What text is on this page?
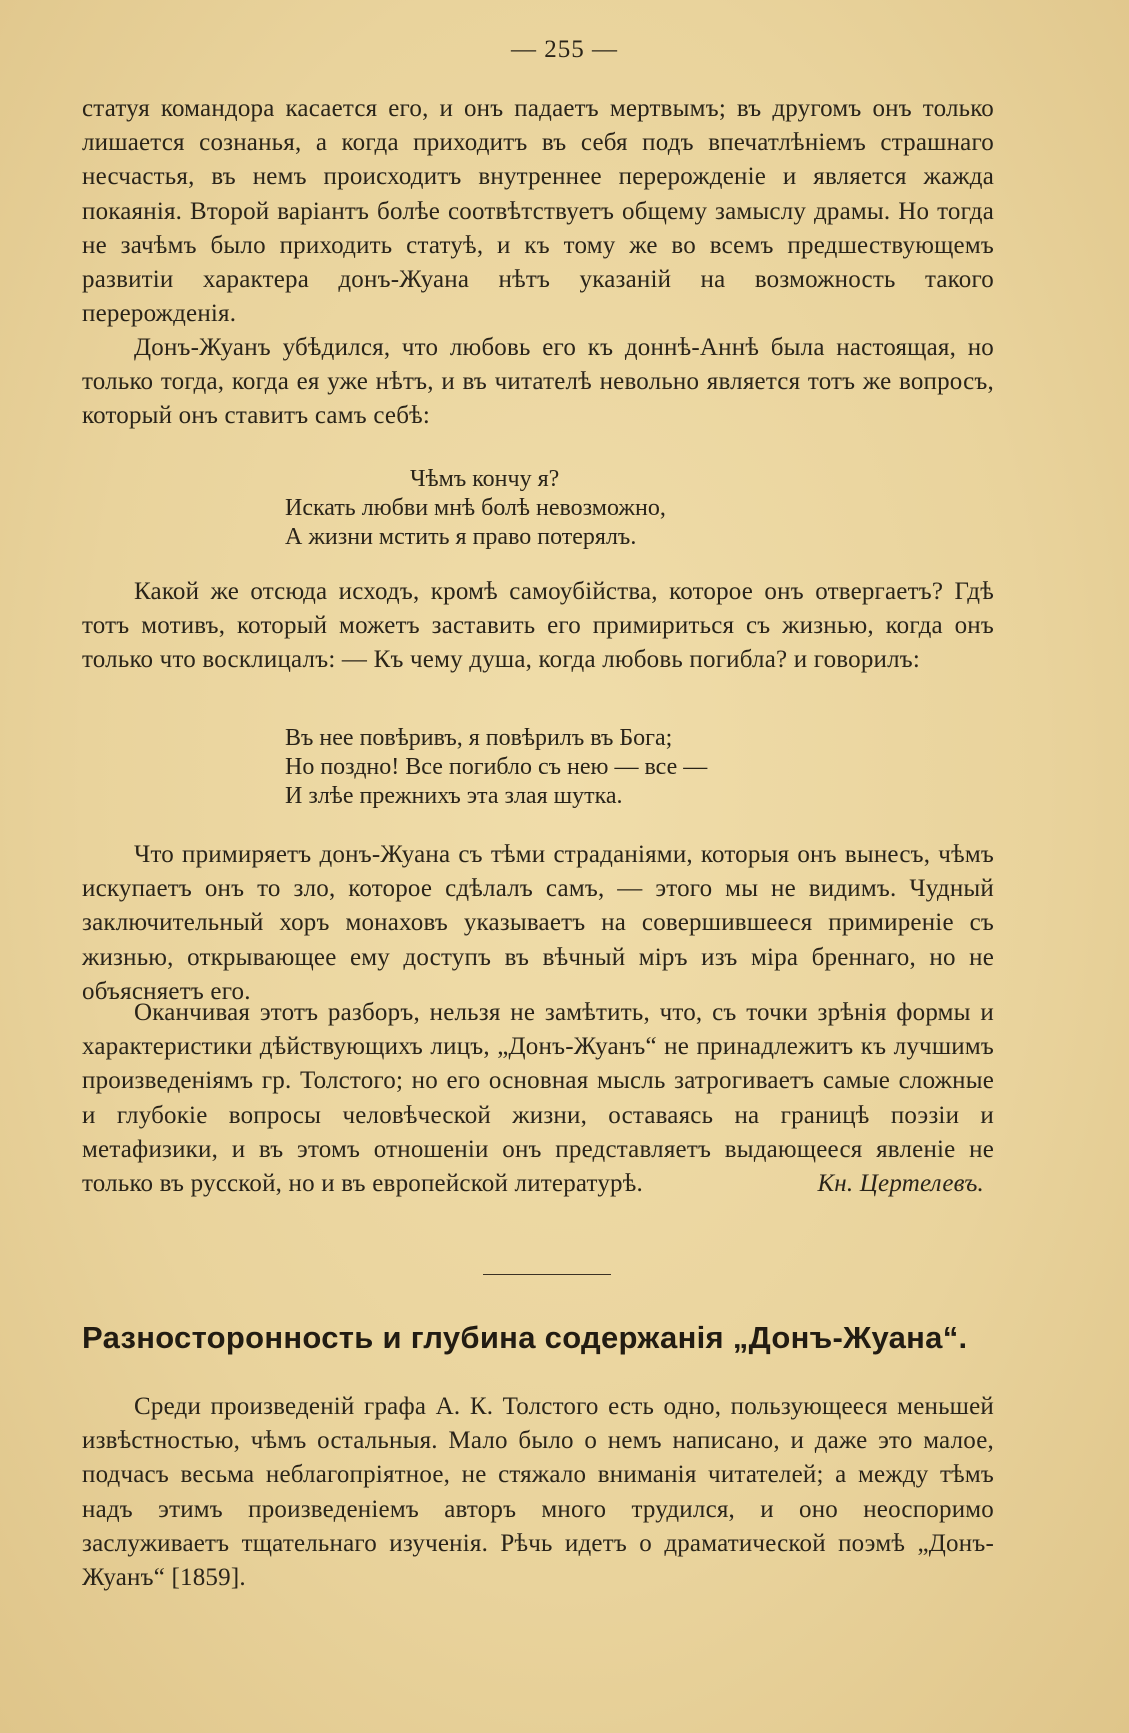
— 255 —

статуя командора касается его, и онъ падаетъ мертвымъ; въ другомъ онъ только лишается сознанья, а когда приходитъ въ себя подъ впечатлѣніемъ страшнаго несчастья, въ немъ происходитъ внутреннее перерожденіе и является жажда покаянія. Второй варіантъ болѣе соотвѣтствуетъ общему замыслу драмы. Но тогда не зачѣмъ было приходить статуѣ, и къ тому же во всемъ предшествующемъ развитіи характера донъ-Жуана нѣтъ указаній на возможность такого перерожденія.

Донъ-Жуанъ убѣдился, что любовь его къ доннѣ-Аннѣ была настоящая, но только тогда, когда ея уже нѣтъ, и въ читателѣ невольно является тотъ же вопросъ, который онъ ставитъ самъ себѣ:

Чѣмъ кончу я?
Искать любви мнѣ болѣ невозможно,
А жизни мстить я право потерялъ.

Какой же отсюда исходъ, кромѣ самоубійства, которое онъ отвергаетъ? Гдѣ тотъ мотивъ, который можетъ заставить его примириться съ жизнью, когда онъ только что восклицалъ: — Къ чему душа, когда любовь погибла? и говорилъ:

Въ нее повѣривъ, я повѣрилъ въ Бога;
Но поздно! Все погибло съ нею — все —
И злѣе прежнихъ эта злая шутка.

Что примиряетъ донъ-Жуана съ тѣми страданіями, которыя онъ вынесъ, чѣмъ искупаетъ онъ то зло, которое сдѣлалъ самъ, — этого мы не видимъ. Чудный заключительный хоръ монаховъ указываетъ на совершившееся примиреніе съ жизнью, открывающее ему доступъ въ вѣчный міръ изъ міра бреннаго, но не объясняетъ его.

Оканчивая этотъ разборъ, нельзя не замѣтить, что, съ точки зрѣнія формы и характеристики дѣйствующихъ лицъ, „Донъ-Жуанъ“ не принадлежитъ къ лучшимъ произведеніямъ гр. Толстого; но его основная мысль затрогиваетъ самые сложные и глубокіе вопросы человѣческой жизни, оставаясь на границѣ поэзіи и метафизики, и въ этомъ отношеніи онъ представляетъ выдающееся явленіе не только въ русской, но и въ европейской литературѣ.	Кн. Цертелевъ.

Разносторонность и глубина содержанія „Донъ-Жуана“.

Среди произведеній графа А. К. Толстого есть одно, пользующееся меньшей извѣстностью, чѣмъ остальныя. Мало было о немъ написано, и даже это малое, подчасъ весьма неблагопріятное, не стяжало вниманія читателей; а между тѣмъ надъ этимъ произведеніемъ авторъ много трудился, и оно неоспоримо заслуживаетъ тщательнаго изученія. Рѣчь идетъ о драматической поэмѣ „Донъ-Жуанъ“ [1859].
